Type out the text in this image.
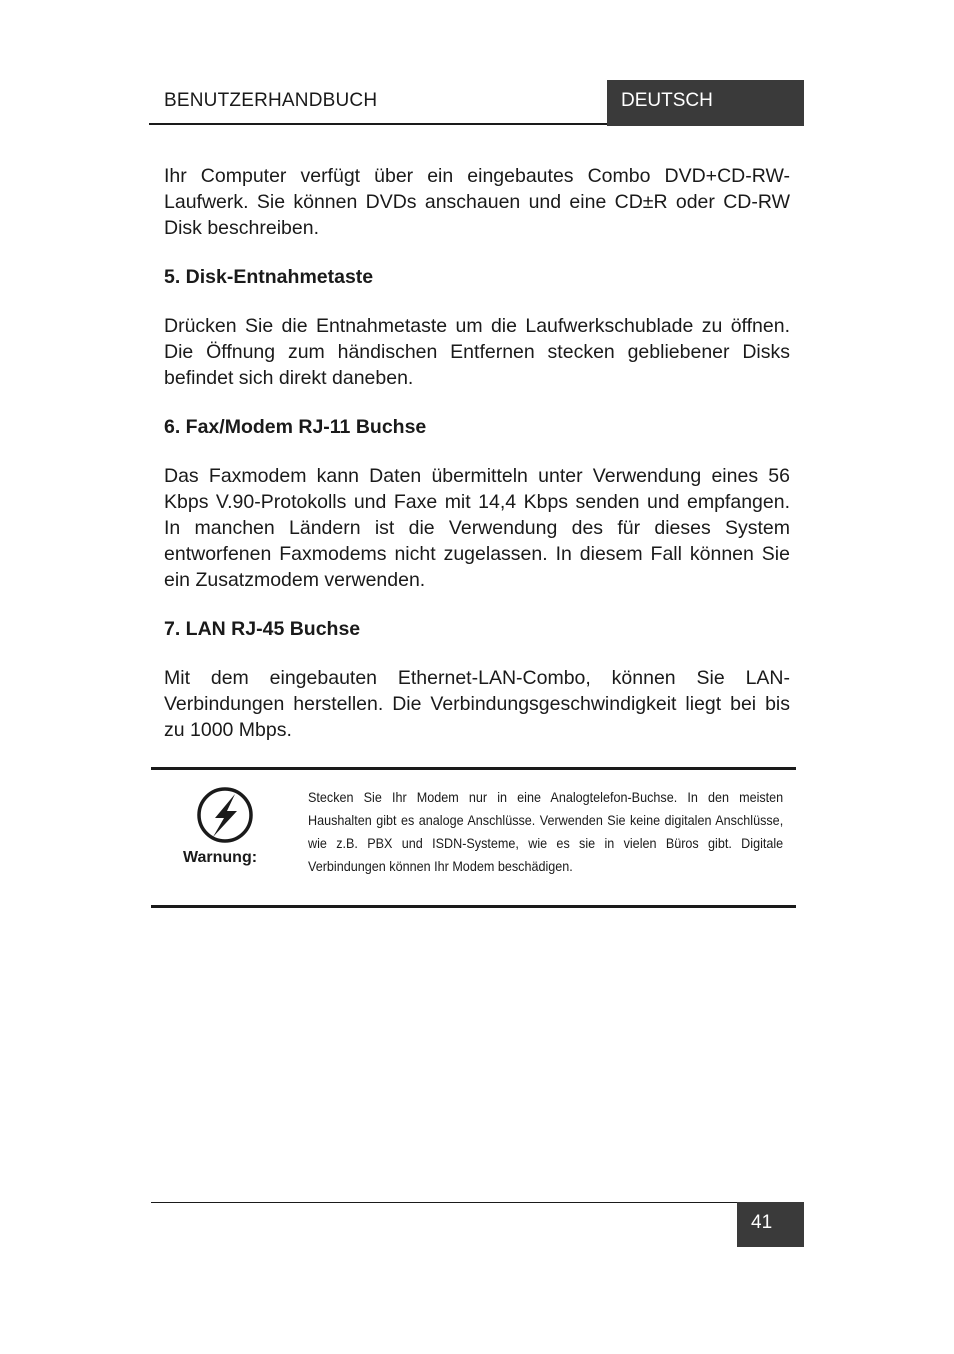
BENUTZERHANDBUCH	DEUTSCH

Ihr Computer verfügt über ein eingebautes Combo DVD+CD-RW-Laufwerk. Sie können DVDs anschauen und eine CD±R oder CD-RW Disk beschreiben.

5. Disk-Entnahmetaste

Drücken Sie die Entnahmetaste um die Laufwerkschublade zu öffnen. Die Öffnung zum händischen Entfernen stecken gebliebener Disks befindet sich direkt daneben.

6. Fax/Modem RJ-11 Buchse

Das Faxmodem kann Daten übermitteln unter Verwendung eines 56 Kbps V.90-Protokolls und Faxe mit 14,4 Kbps senden und empfangen. In manchen Ländern ist die Verwendung des für dieses System entworfenen Faxmodems nicht zugelassen. In diesem Fall können Sie ein Zusatzmodem verwenden.

7. LAN RJ-45 Buchse

Mit dem eingebauten Ethernet-LAN-Combo, können Sie LAN-Verbindungen herstellen. Die Verbindungsgeschwindigkeit liegt bei bis zu 1000 Mbps.

Warnung:

Stecken Sie Ihr Modem nur in eine Analogtelefon-Buchse. In den meisten Haushalten gibt es analoge Anschlüsse. Verwenden Sie keine digitalen Anschlüsse, wie z.B. PBX und ISDN-Systeme, wie es sie in vielen Büros gibt. Digitale Verbindungen können Ihr Modem beschädigen.

41
